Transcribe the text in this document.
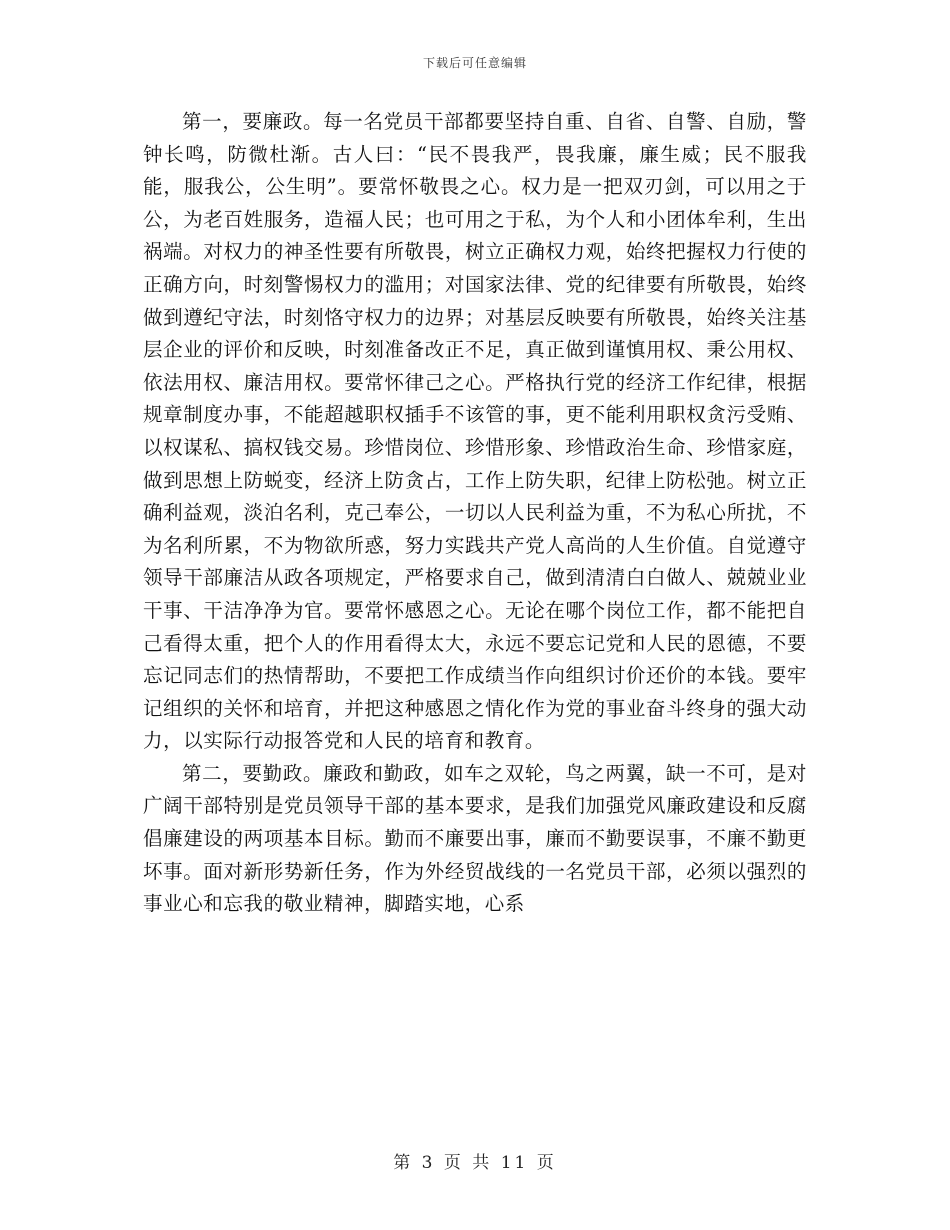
下载后可任意编辑

第一，要廉政。每一名党员干部都要坚持自重、自省、自警、自励，警钟长鸣，防微杜渐。古人曰：“民不畏我严，畏我廉，廉生威；民不服我能，服我公，公生明”。要常怀敬畏之心。权力是一把双刃剑，可以用之于公，为老百姓服务，造福人民；也可用之于私，为个人和小团体牟利，生出祸端。对权力的神圣性要有所敬畏，树立正确权力观，始终把握权力行使的正确方向，时刻警惕权力的滥用；对国家法律、党的纪律要有所敬畏，始终做到遵纪守法，时刻恪守权力的边界；对基层反映要有所敬畏，始终关注基层企业的评价和反映，时刻准备改正不足，真正做到谨慎用权、秉公用权、依法用权、廉洁用权。要常怀律己之心。严格执行党的经济工作纪律，根据规章制度办事，不能超越职权插手不该管的事，更不能利用职权贪污受贿、以权谋私、搞权钱交易。珍惜岗位、珍惜形象、珍惜政治生命、珍惜家庭，做到思想上防蜕变，经济上防贪占，工作上防失职，纪律上防松弛。树立正确利益观，淡泊名利，克己奉公，一切以人民利益为重，不为私心所扰，不为名利所累，不为物欲所惑，努力实践共产党人高尚的人生价值。自觉遵守领导干部廉洁从政各项规定，严格要求自己，做到清清白白做人、兢兢业业干事、干洁净净为官。要常怀感恩之心。无论在哪个岗位工作，都不能把自己看得太重，把个人的作用看得太大，永远不要忘记党和人民的恩德，不要忘记同志们的热情帮助，不要把工作成绩当作向组织讨价还价的本钱。要牢记组织的关怀和培育，并把这种感恩之情化作为党的事业奋斗终身的强大动力，以实际行动报答党和人民的培育和教育。

第二，要勤政。廉政和勤政，如车之双轮，鸟之两翼，缺一不可，是对广阔干部特别是党员领导干部的基本要求，是我们加强党风廉政建设和反腐倡廉建设的两项基本目标。勤而不廉要出事，廉而不勤要误事，不廉不勤更坏事。面对新形势新任务，作为外经贸战线的一名党员干部，必须以强烈的事业心和忘我的敬业精神，脚踏实地，心系

第 3 页 共 11 页
